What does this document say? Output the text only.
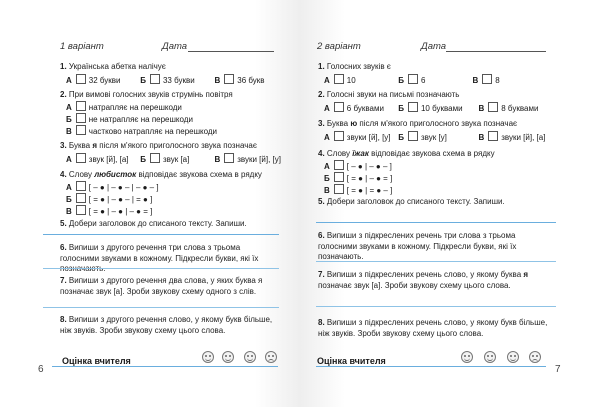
1 варіант	Дата
1. Українська абетка налічує
А 32 букви Б 33 букви В 36 букв
2. При вимові голосних звуків струмінь повітря
А натрапляє на перешкоди
Б не натрапляє на перешкоди
В частково натрапляє на перешкоди
3. Буква я після м'якого приголосного звука позначає
А звук [й], [а] Б звук [а]	В звуки [й], [у]
4. Слову любисток відповідає звукова схема в рядку
А [ – ● | – ● – | – ● – ]
Б [ = ● | – ● – | = ● ]
В [ = ● | – ● | – ● = ]
5. Добери заголовок до списаного тексту. Запиши.
6. Випиши з другого речення три слова з трьома голосними звуками в кожному. Підкресли букви, які їх позначають.
7. Випиши з другого речення два слова, у яких буква я позначає звук [а]. Зроби звукову схему одного з слів.
8. Випиши з другого речення слово, у якому букв більше, ніж звуків. Зроби звукову схему цього слова.
6
Оцінка вчителя
2 варіант	Дата
1. Голосних звуків є
А 10	Б 6	В 8
2. Голосні звуки на письмі позначають
А 6 буквами Б 10 буквами В 8 буквами
3. Буква ю після м'якого приголосного звука позначає
А звуки [й], [у] Б звук [у]	В звуки [й], [а]
4. Слову їжак відповідає звукова схема в рядку
А [ – ● | – ● – ]
Б [ = ● | – ● = ]
В [ = ● | = ● – ]
5. Добери заголовок до списаного тексту. Запиши.
6. Випиши з підкреслених речень три слова з трьома голосними звуками в кожному. Підкресли букви, які їх позначають.
7. Випиши з підкреслених речень слово, у якому буква я позначає звук [а]. Зроби звукову схему цього слова.
8. Випиши з підкреслених речень слово, у якому букв більше, ніж звуків. Зроби звукову схему цього слова.
Оцінка вчителя
7
